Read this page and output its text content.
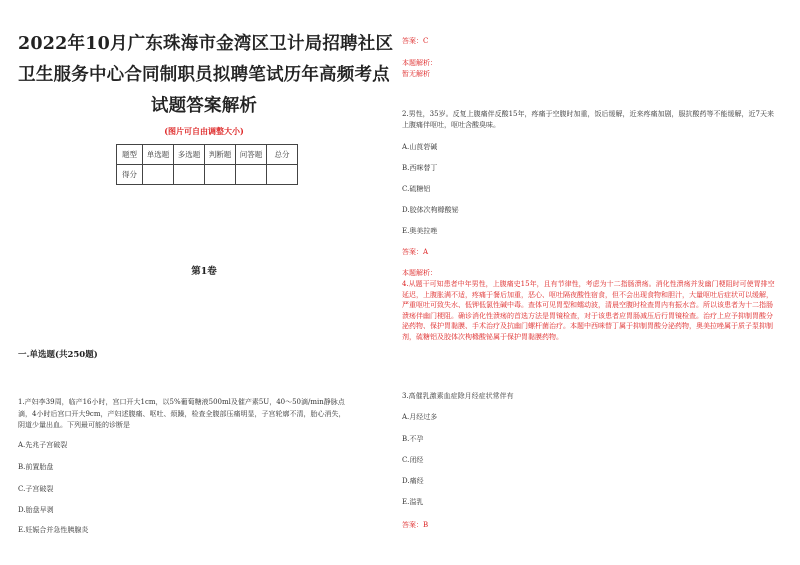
2022年10月广东珠海市金湾区卫计局招聘社区
卫生服务中心合同制职员拟聘笔试历年高频考点
试题答案解析
(图片可自由调整大小)
题型	单选题	多选题	判断题	问答题	总分
得分					
第1卷
一.单选题(共250题)
1.产妇李39周，临产16小时，宫口开大1cm，以5%葡萄糖液500ml及催产素5U，40～50滴/min静脉点滴，4小时后宫口开大9cm，产妇述腹痛、呕吐、烦躁，检查全腹部压痛明显，子宫轮廓不清，胎心消失，阴道少量出血。下列最可能的诊断是
A.先兆子宫破裂
B.前置胎盘
C.子宫破裂
D.胎盘早剥
E.妊娠合并急性胰腺炎
答案：C
本题解析：
暂无解析
2.男性，35岁。反复上腹痛伴反酸15年，疼痛于空腹时加重，饭后缓解，近来疼痛加剧，服抗酸药等不能缓解，近7天来上腹痛伴呕吐，呕吐含酸臭味。
A.山莨菪碱
B.西咪替丁
C.硫糖铝
D.胶体次枸橼酸铋
E.奥美拉唑
答案：A
本题解析：
4.从题干可知患者中年男性，上腹痛史15年，且有节律性，考虑为十二指肠溃疡。消化性溃疡并发幽门梗阻时可使胃排空延迟，上腹胀满不适，疼痛于餐后加重，恶心、呕吐隔夜酸性宿食，但不会出现食物和胆汁，大量呕吐后症状可以缓解，严重呕吐可致失水、低钾低氯性碱中毒。查体可见胃型和蠕动波，清晨空腹时检查胃内有振水音。所以该患者为十二指肠溃疡伴幽门梗阻。确诊消化性溃疡的首选方法是胃镜检查，对于该患者应胃肠减压后行胃镜检查。治疗上应予抑制胃酸分泌药物、保护胃黏膜、手术治疗及抗幽门螺杆菌治疗。本题中西咪替丁属于抑制胃酸分泌药物，奥美拉唑属于质子泵抑制剂，硫糖铝及胶体次枸橼酸铋属于保护胃黏膜药物。
3.高催乳激素血症除月经症状常伴有
A.月经过多
B.不孕
C.闭经
D.痛经
E.溢乳
答案：B
